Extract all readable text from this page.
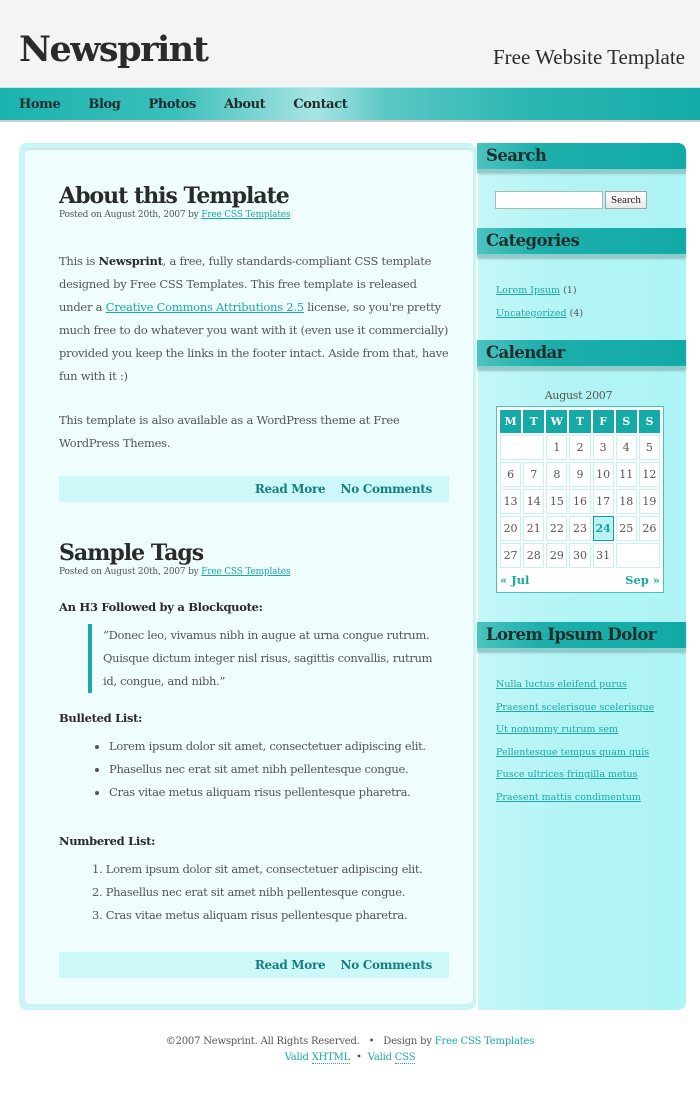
Newsprint	Free Website Template
Home Blog Photos About Contact
About this Template
Posted on August 20th, 2007 by Free CSS Templates

This is Newsprint, a free, fully standards-compliant CSS template designed by Free CSS Templates. This free template is released under a Creative Commons Attributions 2.5 license, so you're pretty much free to do whatever you want with it (even use it commercially) provided you keep the links in the footer intact. Aside from that, have fun with it :)

This template is also available as a WordPress theme at Free WordPress Themes.

Read More No Comments
Sample Tags
Posted on August 20th, 2007 by Free CSS Templates
An H3 Followed by a Blockquote:
“Donec leo, vivamus nibh in augue at urna congue rutrum. Quisque dictum integer nisl risus, sagittis convallis, rutrum id, congue, and nibh.”
Bulleted List:
• Lorem ipsum dolor sit amet, consectetuer adipiscing elit.
• Phasellus nec erat sit amet nibh pellentesque congue.
• Cras vitae metus aliquam risus pellentesque pharetra.
Numbered List:
1. Lorem ipsum dolor sit amet, consectetuer adipiscing elit.
2. Phasellus nec erat sit amet nibh pellentesque congue.
3. Cras vitae metus aliquam risus pellentesque pharetra.
Read More No Comments
Search
Search
Categories
Lorem Ipsum (1)
Uncategorized (4)
Calendar
August 2007
M	T	W	T	F	S	S
		1	2	3	4	5
6	7	8	9	10	11	12
13	14	15	16	17	18	19
20	21	22	23	24	25	26
27	28	29	30	31		
« Jul	Sep »
Lorem Ipsum Dolor
Nulla luctus eleifend purus
Praesent scelerisque scelerisque
Ut nonummy rutrum sem
Pellentesque tempus quam quis
Fusce ultrices fringilla metus
Praesent mattis condimentum
©2007 Newsprint. All Rights Reserved. • Design by Free CSS Templates
Valid XHTML • Valid CSS
